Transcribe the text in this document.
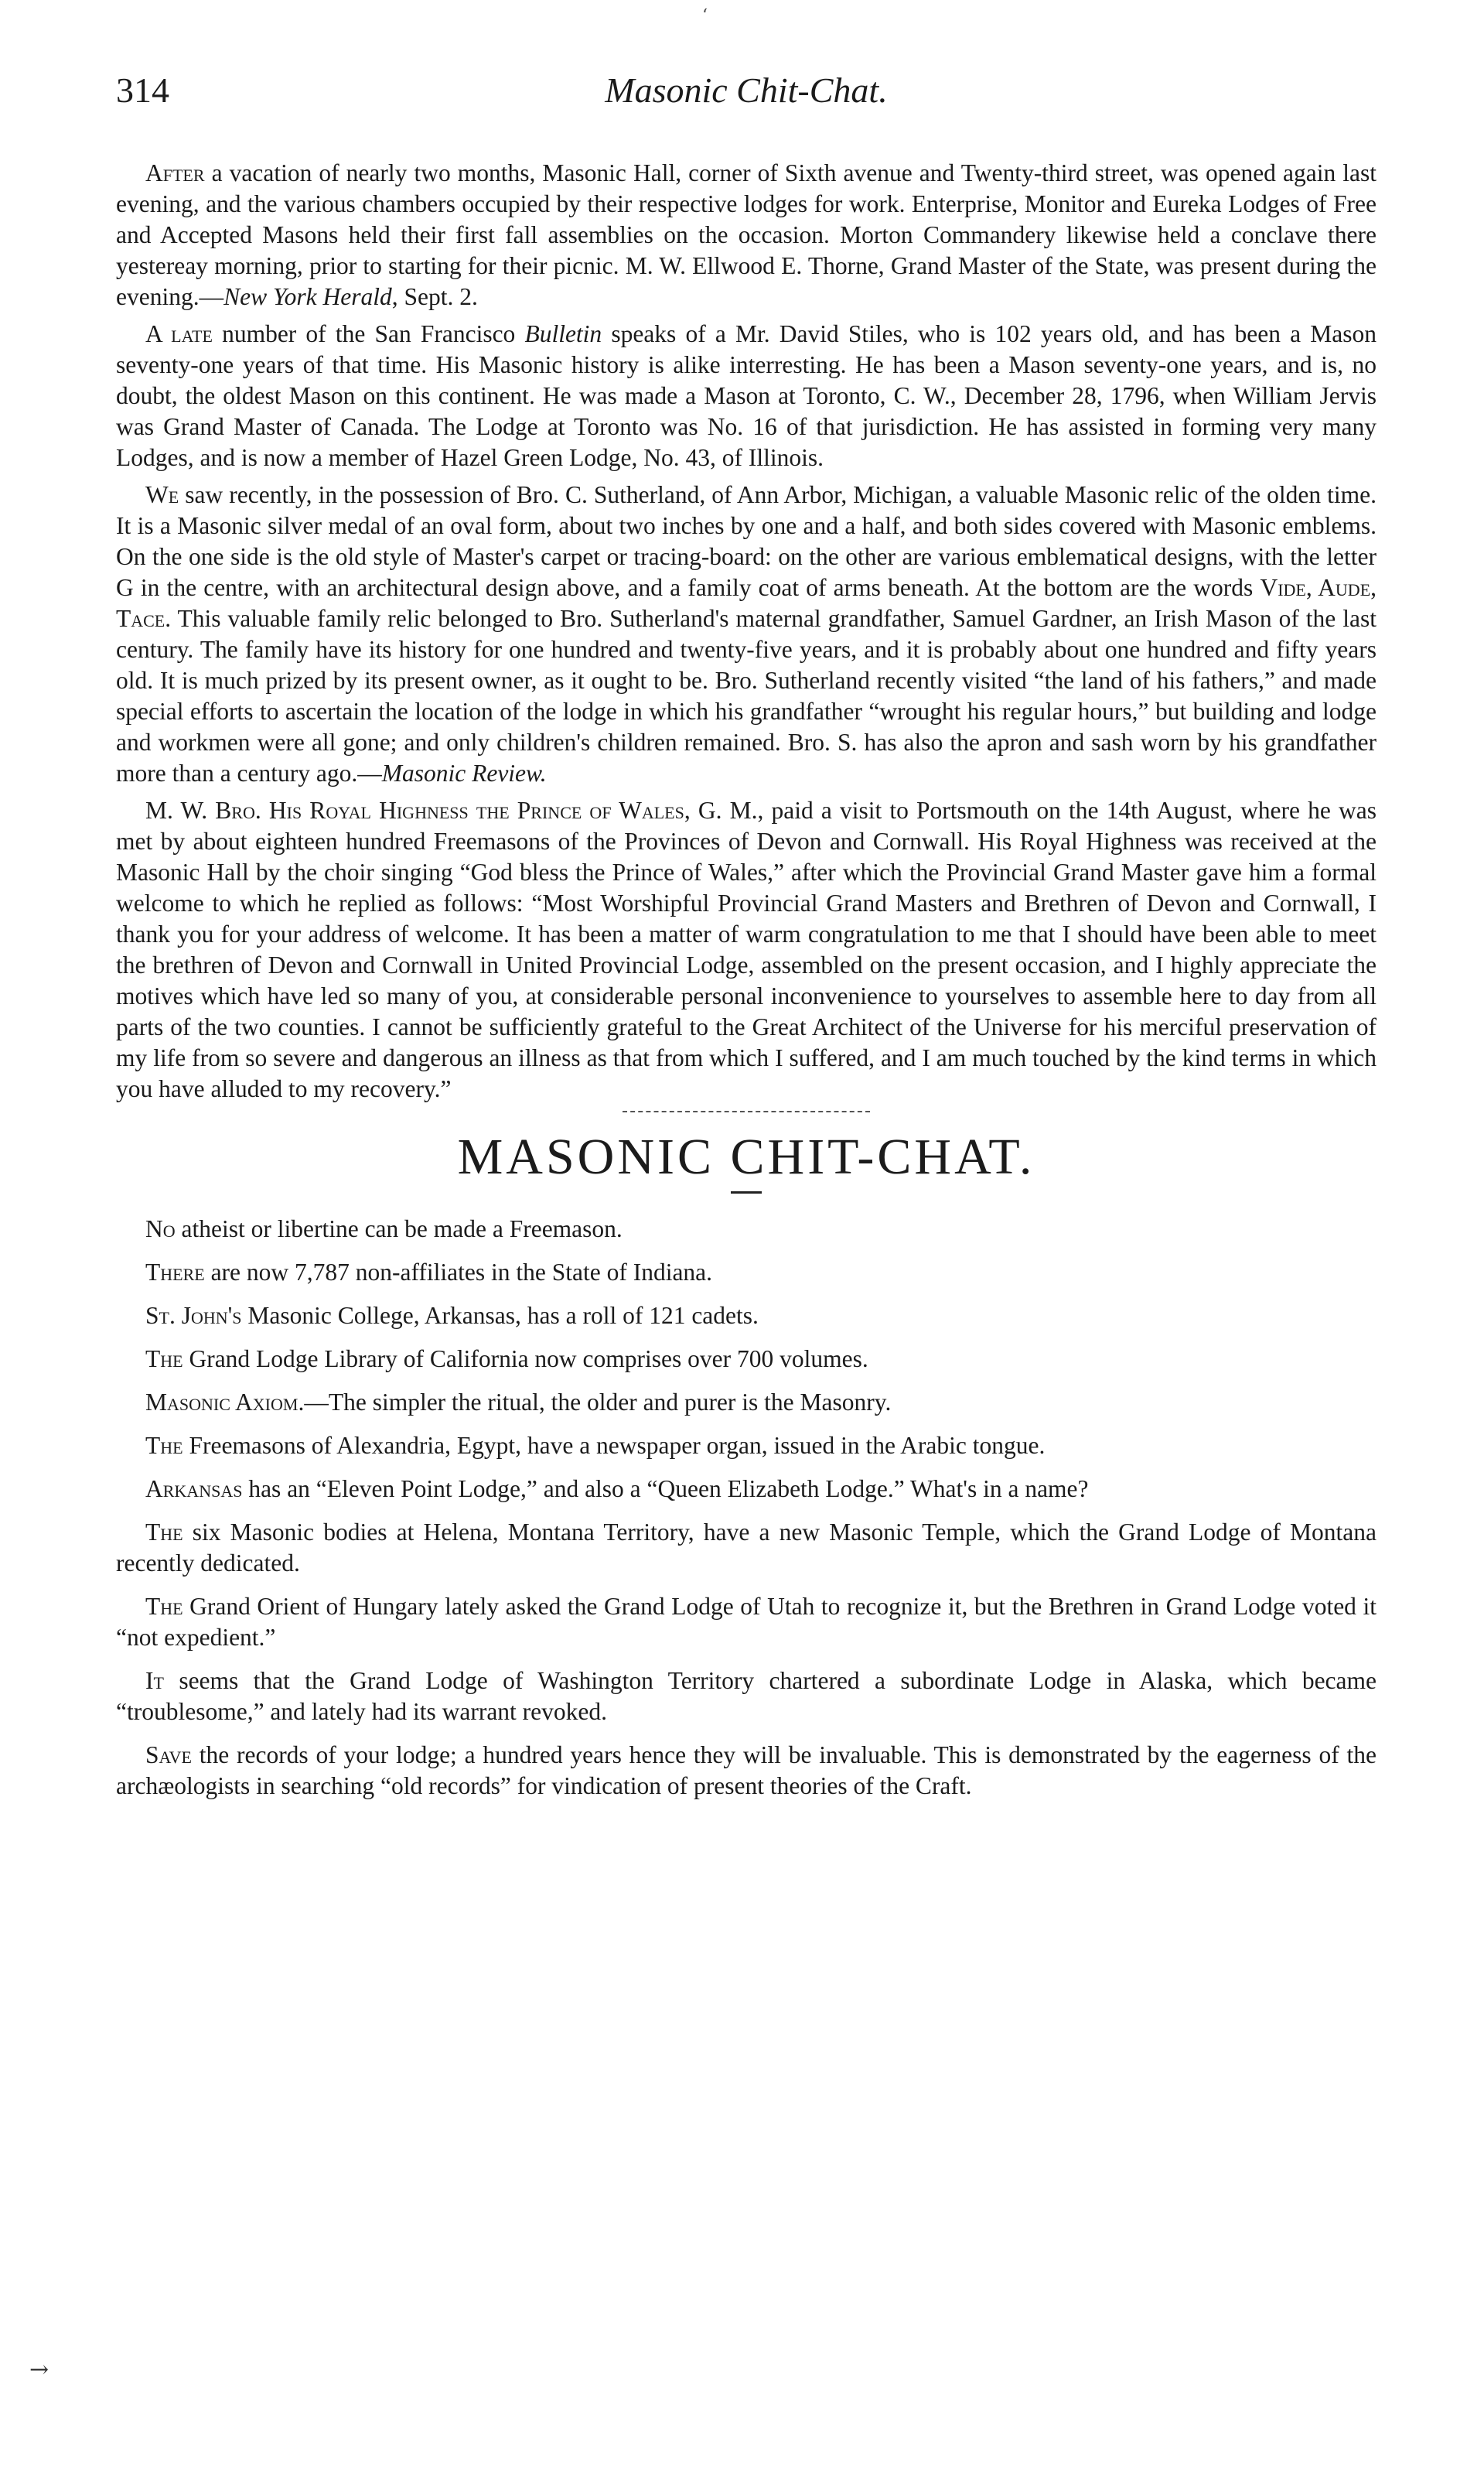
‘
→
314	Masonic Chit-Chat.

After a vacation of nearly two months, Masonic Hall, corner of Sixth avenue and Twenty-third street, was opened again last evening, and the various chambers occupied by their respective lodges for work. Enterprise, Monitor and Eureka Lodges of Free and Accepted Masons held their first fall assemblies on the occasion. Morton Commandery likewise held a conclave there yestereay morning, prior to starting for their picnic. M. W. Ellwood E. Thorne, Grand Master of the State, was present during the evening.—New York Herald, Sept. 2.

A late number of the San Francisco Bulletin speaks of a Mr. David Stiles, who is 102 years old, and has been a Mason seventy-one years of that time. His Masonic history is alike interresting. He has been a Mason seventy-one years, and is, no doubt, the oldest Mason on this continent. He was made a Mason at Toronto, C. W., December 28, 1796, when William Jervis was Grand Master of Canada. The Lodge at Toronto was No. 16 of that jurisdiction. He has assisted in forming very many Lodges, and is now a member of Hazel Green Lodge, No. 43, of Illinois.

We saw recently, in the possession of Bro. C. Sutherland, of Ann Arbor, Michigan, a valuable Masonic relic of the olden time. It is a Masonic silver medal of an oval form, about two inches by one and a half, and both sides covered with Masonic emblems. On the one side is the old style of Master's carpet or tracing-board: on the other are various emblematical designs, with the letter G in the centre, with an architectural design above, and a family coat of arms beneath. At the bottom are the words Vide, Aude, Tace. This valuable family relic belonged to Bro. Sutherland's maternal grandfather, Samuel Gardner, an Irish Mason of the last century. The family have its history for one hundred and twenty-five years, and it is probably about one hundred and fifty years old. It is much prized by its present owner, as it ought to be. Bro. Sutherland recently visited “the land of his fathers,” and made special efforts to ascertain the location of the lodge in which his grandfather “wrought his regular hours,” but building and lodge and workmen were all gone; and only children's children remained. Bro. S. has also the apron and sash worn by his grandfather more than a century ago.—Masonic Review.

M. W. Bro. His Royal Highness the Prince of Wales, G. M., paid a visit to Portsmouth on the 14th August, where he was met by about eighteen hundred Freemasons of the Provinces of Devon and Cornwall. His Royal Highness was received at the Masonic Hall by the choir singing “God bless the Prince of Wales,” after which the Provincial Grand Master gave him a formal welcome to which he replied as follows: “Most Worshipful Provincial Grand Masters and Brethren of Devon and Cornwall, I thank you for your address of welcome. It has been a matter of warm congratulation to me that I should have been able to meet the brethren of Devon and Cornwall in United Provincial Lodge, assembled on the present occasion, and I highly appreciate the motives which have led so many of you, at considerable personal inconvenience to yourselves to assemble here to day from all parts of the two counties. I cannot be sufficiently grateful to the Great Architect of the Universe for his merciful preservation of my life from so severe and dangerous an illness as that from which I suffered, and I am much touched by the kind terms in which you have alluded to my recovery.”

MASONIC CHIT-CHAT.

No atheist or libertine can be made a Freemason.

There are now 7,787 non-affiliates in the State of Indiana.

St. John's Masonic College, Arkansas, has a roll of 121 cadets.

The Grand Lodge Library of California now comprises over 700 volumes.

Masonic Axiom.—The simpler the ritual, the older and purer is the Masonry.

The Freemasons of Alexandria, Egypt, have a newspaper organ, issued in the Arabic tongue.

Arkansas has an “Eleven Point Lodge,” and also a “Queen Elizabeth Lodge.” What's in a name?

The six Masonic bodies at Helena, Montana Territory, have a new Masonic Temple, which the Grand Lodge of Montana recently dedicated.

The Grand Orient of Hungary lately asked the Grand Lodge of Utah to recognize it, but the Brethren in Grand Lodge voted it “not expedient.”

It seems that the Grand Lodge of Washington Territory chartered a subordinate Lodge in Alaska, which became “troublesome,” and lately had its warrant revoked.

Save the records of your lodge; a hundred years hence they will be invaluable. This is demonstrated by the eagerness of the archæologists in searching “old records” for vindication of present theories of the Craft.
